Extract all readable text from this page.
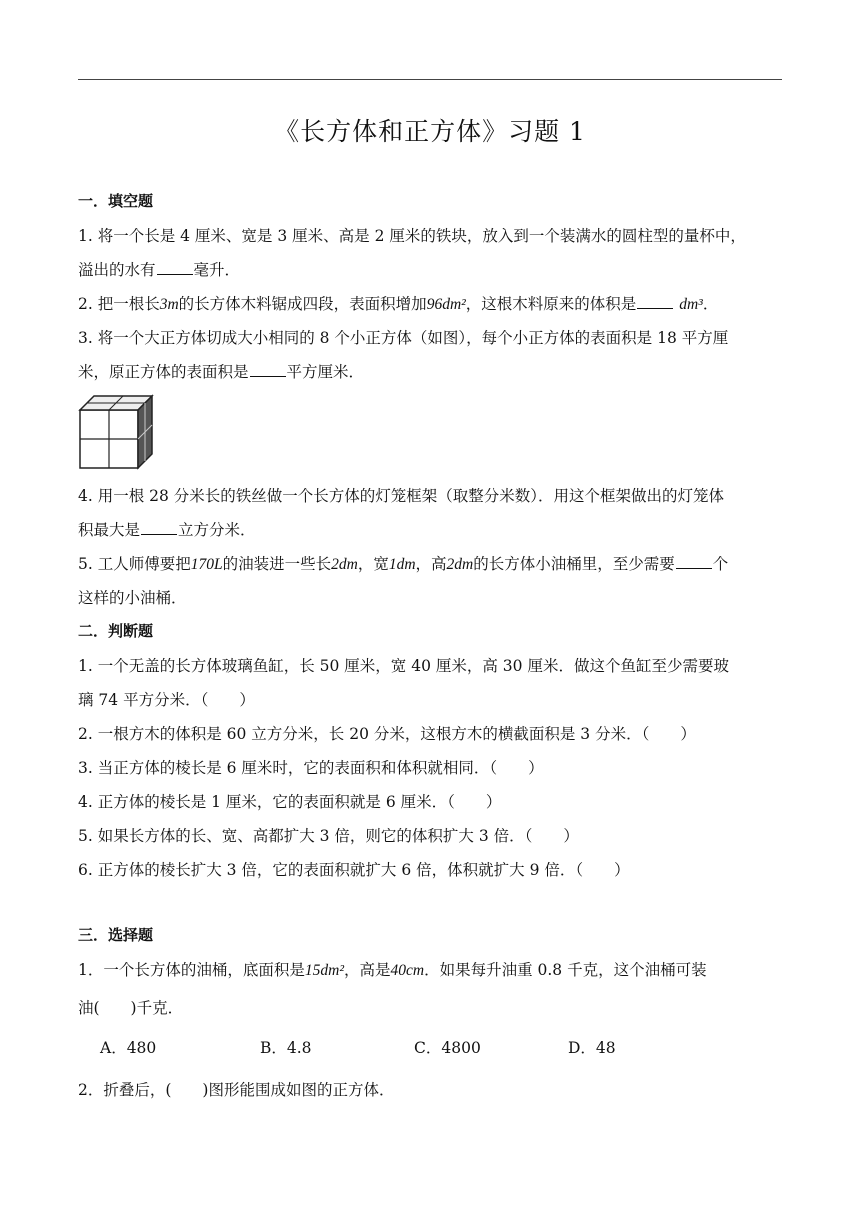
《长方体和正方体》习题 1
一．填空题
1. 将一个长是 4 厘米、宽是 3 厘米、高是 2 厘米的铁块，放入到一个装满水的圆柱型的量杯中，
溢出的水有 毫升．
2. 把一根长3m的长方体木料锯成四段，表面积增加96dm²，这根木料原来的体积是	dm³．
3. 将一个大正方体切成大小相同的 8 个小正方体（如图），每个小正方体的表面积是 18 平方厘
米，原正方体的表面积是 平方厘米．
4. 用一根 28 分米长的铁丝做一个长方体的灯笼框架（取整分米数）．用这个框架做出的灯笼体
积最大是 立方分米．
5. 工人师傅要把170L的油装进一些长2dm，宽1dm，高2dm的长方体小油桶里，至少需要 个
这样的小油桶．
二．判断题
1. 一个无盖的长方体玻璃鱼缸，长 50 厘米，宽 40 厘米，高 30 厘米．做这个鱼缸至少需要玻
璃 74 平方分米．（　　）
2. 一根方木的体积是 60 立方分米，长 20 分米，这根方木的横截面积是 3 分米．（　　）
3. 当正方体的棱长是 6 厘米时，它的表面积和体积就相同．（　　）
4. 正方体的棱长是 1 厘米，它的表面积就是 6 厘米．（　　）
5. 如果长方体的长、宽、高都扩大 3 倍，则它的体积扩大 3 倍．（　　）
6. 正方体的棱长扩大 3 倍，它的表面积就扩大 6 倍，体积就扩大 9 倍．（　　）
三．选择题
1．一个长方体的油桶，底面积是15dm²，高是40cm．如果每升油重 0.8 千克，这个油桶可装
油(　　)千克．
A．480	B．4.8	C．4800	D．48
2．折叠后，(　　)图形能围成如图的正方体．
